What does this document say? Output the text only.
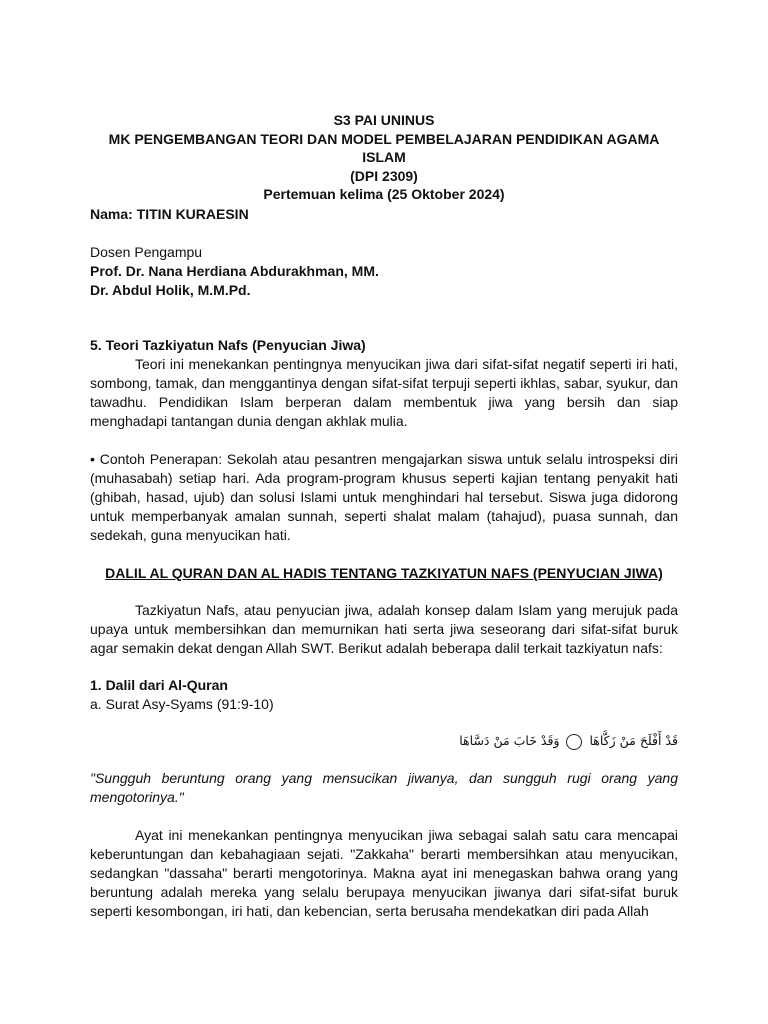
S3 PAI UNINUS
MK PENGEMBANGAN TEORI DAN MODEL PEMBELAJARAN PENDIDIKAN AGAMA ISLAM
(DPI 2309)
Pertemuan kelima (25 Oktober 2024)
Nama: TITIN KURAESIN
Dosen Pengampu
Prof. Dr. Nana Herdiana Abdurakhman, MM.
Dr. Abdul Holik, M.M.Pd.
5. Teori Tazkiyatun Nafs (Penyucian Jiwa)
Teori ini menekankan pentingnya menyucikan jiwa dari sifat-sifat negatif seperti iri hati, sombong, tamak, dan menggantinya dengan sifat-sifat terpuji seperti ikhlas, sabar, syukur, dan tawadhu. Pendidikan Islam berperan dalam membentuk jiwa yang bersih dan siap menghadapi tantangan dunia dengan akhlak mulia.
• Contoh Penerapan: Sekolah atau pesantren mengajarkan siswa untuk selalu introspeksi diri (muhasabah) setiap hari. Ada program-program khusus seperti kajian tentang penyakit hati (ghibah, hasad, ujub) dan solusi Islami untuk menghindari hal tersebut. Siswa juga didorong untuk memperbanyak amalan sunnah, seperti shalat malam (tahajud), puasa sunnah, dan sedekah, guna menyucikan hati.
DALIL AL QURAN DAN AL HADIS TENTANG TAZKIYATUN NAFS (PENYUCIAN JIWA)
Tazkiyatun Nafs, atau penyucian jiwa, adalah konsep dalam Islam yang merujuk pada upaya untuk membersihkan dan memurnikan hati serta jiwa seseorang dari sifat-sifat buruk agar semakin dekat dengan Allah SWT. Berikut adalah beberapa dalil terkait tazkiyatun nafs:
1. Dalil dari Al-Quran
a. Surat Asy-Syams (91:9-10)
قَدْ أَفْلَحَ مَنْ زَكَّاهَا  وَقَدْ خَابَ مَنْ دَسَّاهَا
"Sungguh beruntung orang yang mensucikan jiwanya, dan sungguh rugi orang yang mengotorinya."
Ayat ini menekankan pentingnya menyucikan jiwa sebagai salah satu cara mencapai keberuntungan dan kebahagiaan sejati. "Zakkaha" berarti membersihkan atau menyucikan, sedangkan "dassaha" berarti mengotorinya. Makna ayat ini menegaskan bahwa orang yang beruntung adalah mereka yang selalu berupaya menyucikan jiwanya dari sifat-sifat buruk seperti kesombongan, iri hati, dan kebencian, serta berusaha mendekatkan diri pada Allah
